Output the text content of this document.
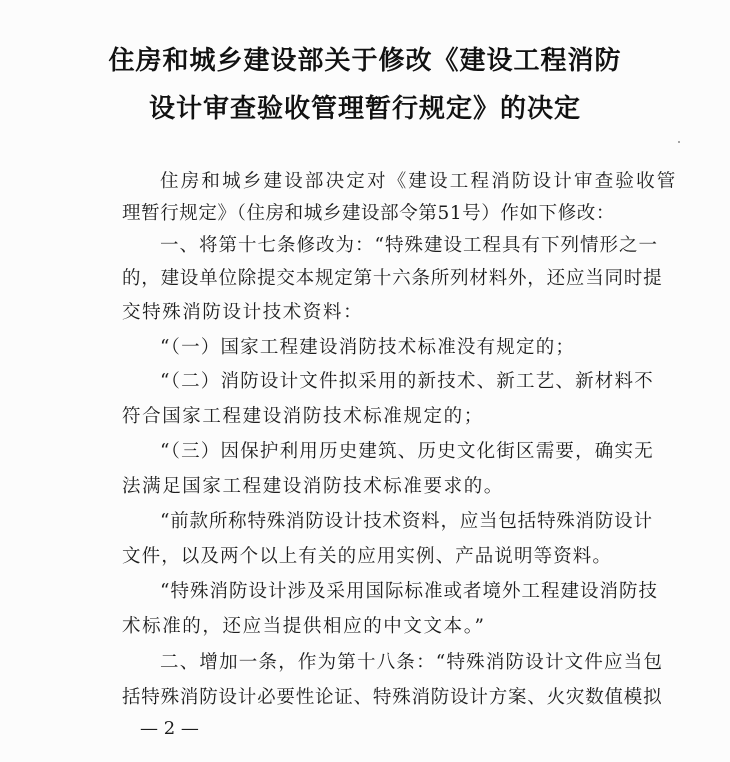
住房和城乡建设部关于修改《建设工程消防
设计审查验收管理暂行规定》的决定
住房和城乡建设部决定对《建设工程消防设计审查验收管
理暂行规定》（住房和城乡建设部令第51号）作如下修改：
一、将第十七条修改为：“特殊建设工程具有下列情形之一
的，建设单位除提交本规定第十六条所列材料外，还应当同时提
交特殊消防设计技术资料：
“（一）国家工程建设消防技术标准没有规定的；
“（二）消防设计文件拟采用的新技术、新工艺、新材料不
符合国家工程建设消防技术标准规定的；
“（三）因保护利用历史建筑、历史文化街区需要，确实无
法满足国家工程建设消防技术标准要求的。
“前款所称特殊消防设计技术资料，应当包括特殊消防设计
文件，以及两个以上有关的应用实例、产品说明等资料。
“特殊消防设计涉及采用国际标准或者境外工程建设消防技
术标准的，还应当提供相应的中文文本。”
二、增加一条，作为第十八条：“特殊消防设计文件应当包
括特殊消防设计必要性论证、特殊消防设计方案、火灾数值模拟
— 2 —
